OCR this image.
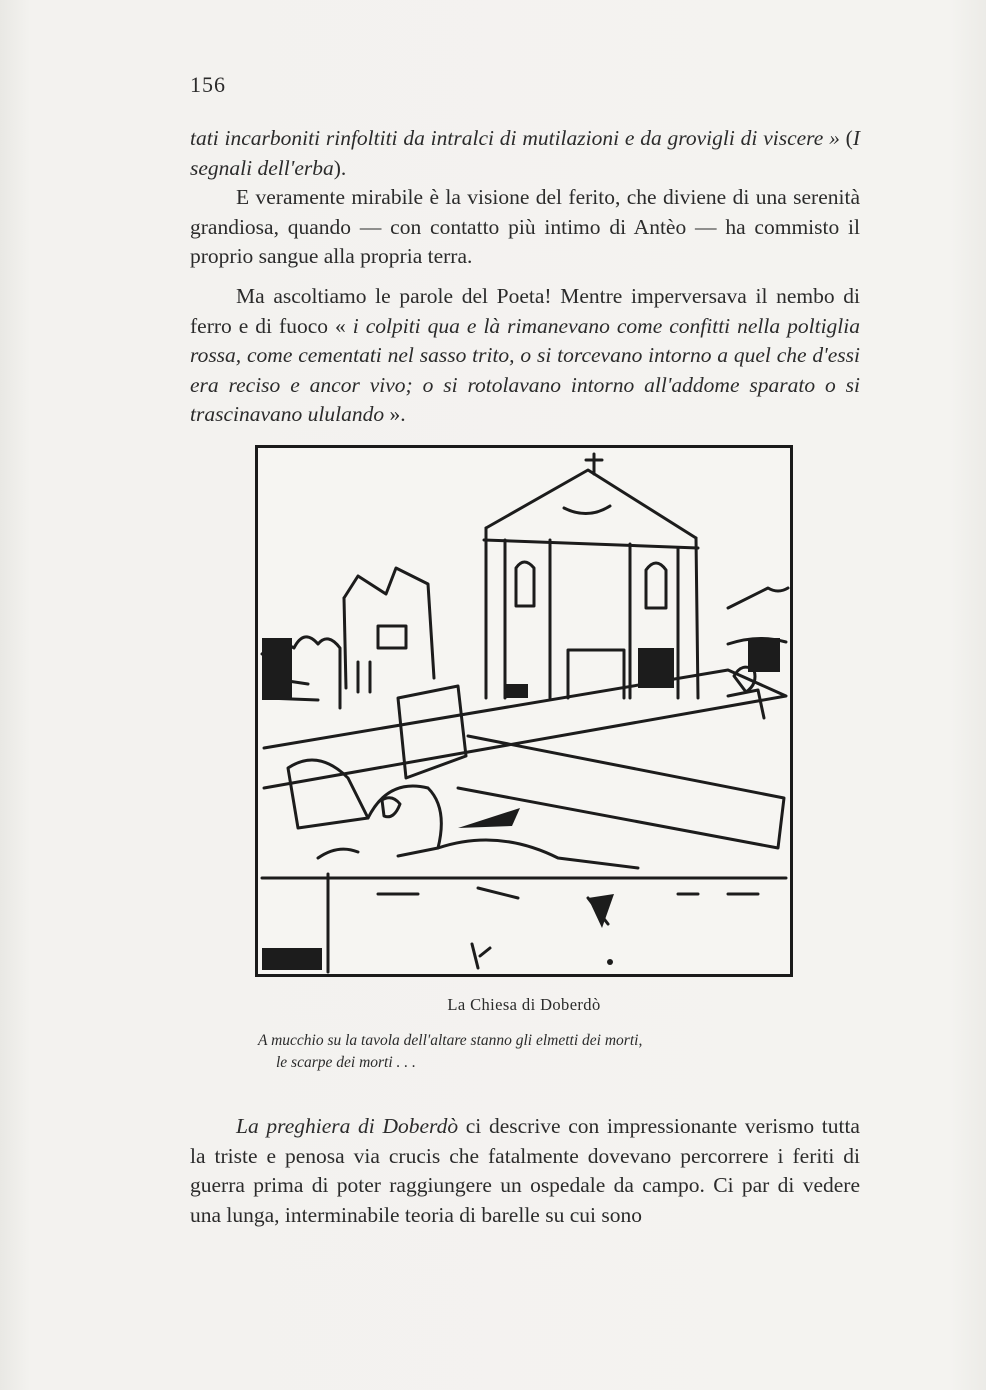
156

tati incarboniti rinfoltiti da intralci di mutilazioni e da grovigli di viscere » (I segnali dell'erba).

E veramente mirabile è la visione del ferito, che diviene di una serenità grandiosa, quando — con contatto più intimo di Antèo — ha commisto il proprio sangue alla propria terra.

Ma ascoltiamo le parole del Poeta! Mentre imperversava il nembo di ferro e di fuoco « i colpiti qua e là rimanevano come confitti nella poltiglia rossa, come cementati nel sasso trito, o si torcevano intorno a quel che d'essi era reciso e ancor vivo; o si rotolavano intorno all'addome sparato o si trascinavano ululando ».

La Chiesa di Doberdò
A mucchio su la tavola dell'altare stanno gli elmetti dei morti,
le scarpe dei morti . . .

La preghiera di Doberdò ci descrive con impressionante verismo tutta la triste e penosa via crucis che fatalmente dovevano percorrere i feriti di guerra prima di poter raggiungere un ospedale da campo. Ci par di vedere una lunga, interminabile teoria di barelle su cui sono
